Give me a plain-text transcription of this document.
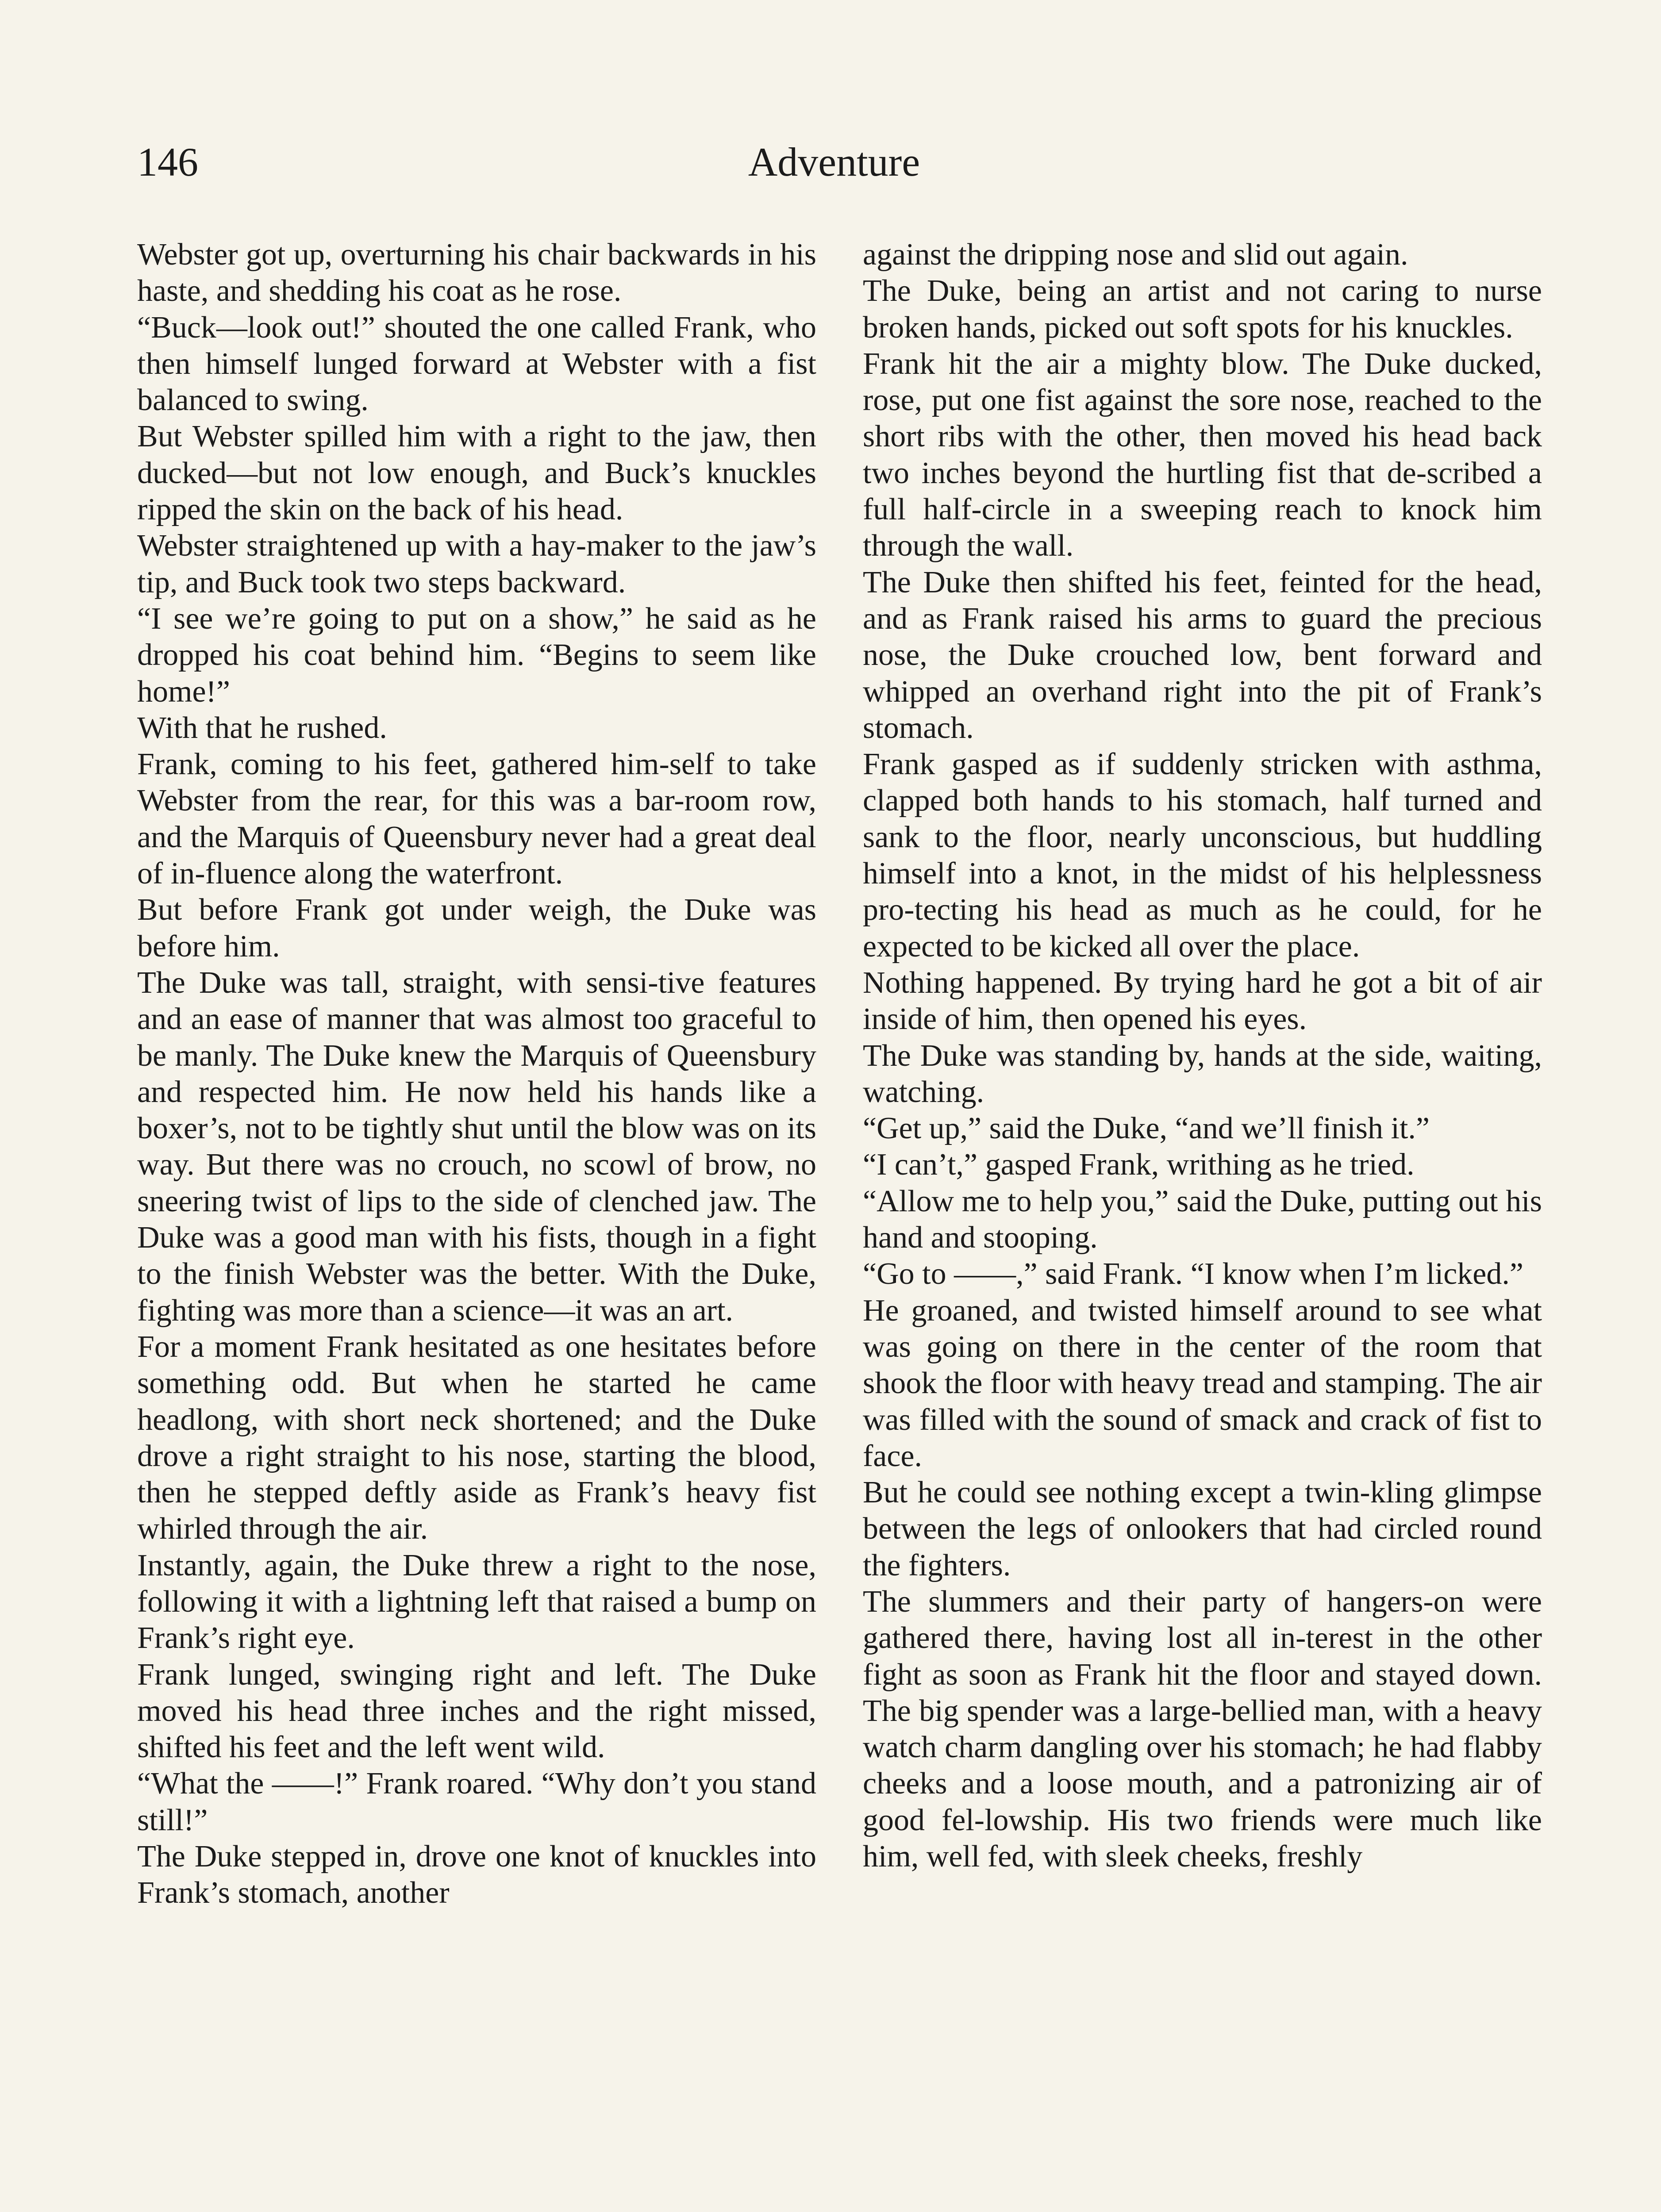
146	Adventure

Webster got up, overturning his chair backwards in his haste, and shedding his coat as he rose.

“Buck—look out!” shouted the one called Frank, who then himself lunged forward at Webster with a fist balanced to swing.

But Webster spilled him with a right to the jaw, then ducked—but not low enough, and Buck’s knuckles ripped the skin on the back of his head.

Webster straightened up with a hay-maker to the jaw’s tip, and Buck took two steps backward.

“I see we’re going to put on a show,” he said as he dropped his coat behind him. “Begins to seem like home!”

With that he rushed.

Frank, coming to his feet, gathered him-self to take Webster from the rear, for this was a bar-room row, and the Marquis of Queensbury never had a great deal of in-fluence along the waterfront.

But before Frank got under weigh, the Duke was before him.

The Duke was tall, straight, with sensi-tive features and an ease of manner that was almost too graceful to be manly. The Duke knew the Marquis of Queensbury and respected him. He now held his hands like a boxer’s, not to be tightly shut until the blow was on its way. But there was no crouch, no scowl of brow, no sneering twist of lips to the side of clenched jaw. The Duke was a good man with his fists, though in a fight to the finish Webster was the better. With the Duke, fighting was more than a science—it was an art.

For a moment Frank hesitated as one hesitates before something odd. But when he started he came headlong, with short neck shortened; and the Duke drove a right straight to his nose, starting the blood, then he stepped deftly aside as Frank’s heavy fist whirled through the air.

Instantly, again, the Duke threw a right to the nose, following it with a lightning left that raised a bump on Frank’s right eye.

Frank lunged, swinging right and left. The Duke moved his head three inches and the right missed, shifted his feet and the left went wild.

“What the ——!” Frank roared. “Why don’t you stand still!”

The Duke stepped in, drove one knot of knuckles into Frank’s stomach, another

against the dripping nose and slid out again.

The Duke, being an artist and not caring to nurse broken hands, picked out soft spots for his knuckles.

Frank hit the air a mighty blow. The Duke ducked, rose, put one fist against the sore nose, reached to the short ribs with the other, then moved his head back two inches beyond the hurtling fist that de-scribed a full half-circle in a sweeping reach to knock him through the wall.

The Duke then shifted his feet, feinted for the head, and as Frank raised his arms to guard the precious nose, the Duke crouched low, bent forward and whipped an overhand right into the pit of Frank’s stomach.

Frank gasped as if suddenly stricken with asthma, clapped both hands to his stomach, half turned and sank to the floor, nearly unconscious, but huddling himself into a knot, in the midst of his helplessness pro-tecting his head as much as he could, for he expected to be kicked all over the place.

Nothing happened. By trying hard he got a bit of air inside of him, then opened his eyes.

The Duke was standing by, hands at the side, waiting, watching.

“Get up,” said the Duke, “and we’ll finish it.”

“I can’t,” gasped Frank, writhing as he tried.

“Allow me to help you,” said the Duke, putting out his hand and stooping.

“Go to ——,” said Frank. “I know when I’m licked.”

He groaned, and twisted himself around to see what was going on there in the center of the room that shook the floor with heavy tread and stamping. The air was filled with the sound of smack and crack of fist to face.

But he could see nothing except a twin-kling glimpse between the legs of onlookers that had circled round the fighters.

The slummers and their party of hangers-on were gathered there, having lost all in-terest in the other fight as soon as Frank hit the floor and stayed down. The big spender was a large-bellied man, with a heavy watch charm dangling over his stomach; he had flabby cheeks and a loose mouth, and a patronizing air of good fel-lowship. His two friends were much like him, well fed, with sleek cheeks, freshly
